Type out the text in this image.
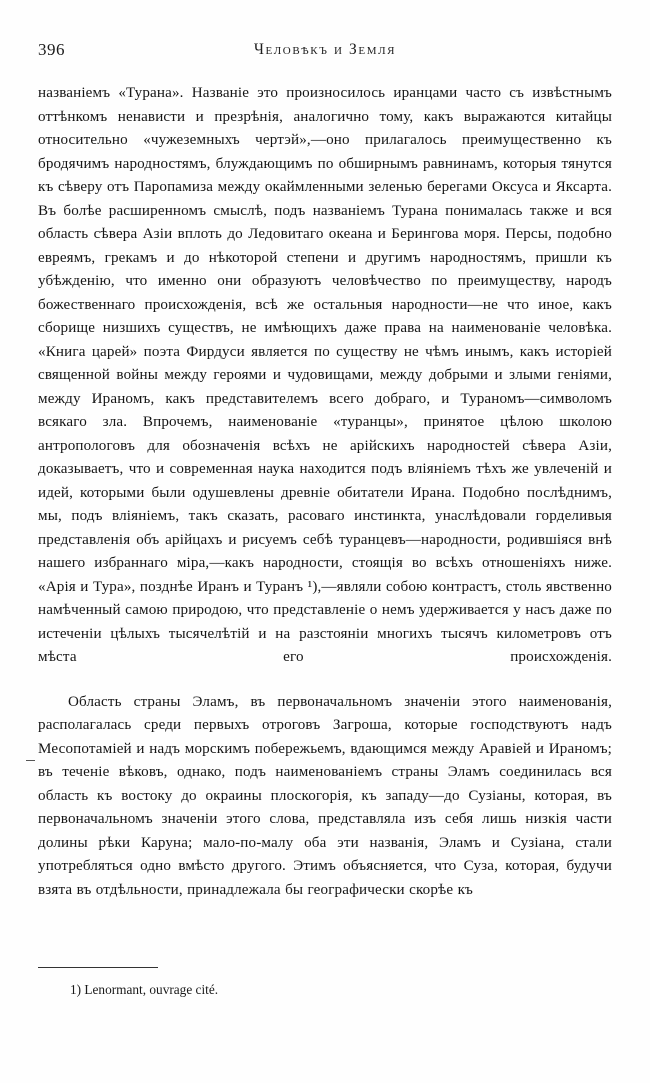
396	Человѣкъ и Земля

названіемъ «Турана». Названіе это произносилось иранцами часто съ извѣстнымъ оттѣнкомъ ненависти и презрѣнія, аналогично тому, какъ выражаются китайцы относительно «чужеземныхъ чертэй»,—оно прилагалось преимущественно къ бродячимъ народностямъ, блуждающимъ по обширнымъ равнинамъ, которыя тянутся къ сѣверу отъ Паропамиза между окаймленными зеленью берегами Оксуса и Яксарта. Въ болѣе расширенномъ смыслѣ, подъ названіемъ Турана понималась также и вся область сѣвера Азіи вплоть до Ледовитаго океана и Берингова моря. Персы, подобно евреямъ, грекамъ и до нѣкоторой степени и другимъ народностямъ, пришли къ убѣжденію, что именно они образуютъ человѣчество по преимуществу, народъ божественнаго происхожденія, всѣ же остальныя народности—не что иное, какъ сборище низшихъ существъ, не имѣющихъ даже права на наименованіе человѣка. «Книга царей» поэта Фирдуси является по существу не чѣмъ инымъ, какъ исторіей священной войны между героями и чудовищами, между добрыми и злыми геніями, между Ираномъ, какъ представителемъ всего добраго, и Тураномъ—символомъ всякаго зла. Впрочемъ, наименованіе «туранцы», принятое цѣлою школою антропологовъ для обозначенія всѣхъ не арійскихъ народностей сѣвера Азіи, доказываетъ, что и современная наука находится подъ вліяніемъ тѣхъ же увлеченій и идей, которыми были одушевлены древніе обитатели Ирана. Подобно послѣднимъ, мы, подъ вліяніемъ, такъ сказать, расоваго инстинкта, унаслѣдовали горделивыя представленія объ арійцахъ и рисуемъ себѣ туранцевъ—народности, родившіяся внѣ нашего избраннаго міра,—какъ народности, стоящія во всѣхъ отношеніяхъ ниже. «Арія и Тура», позднѣе Иранъ и Туранъ ¹),—являли собою контрастъ, столь явственно намѣченный самою природою, что представленіе о немъ удерживается у насъ даже по истеченіи цѣлыхъ тысячелѣтій и на разстояніи многихъ тысячъ километровъ отъ мѣста его происхожденія.

Область страны Эламъ, въ первоначальномъ значеніи этого наименованія, располагалась среди первыхъ отроговъ Загроша, которые господствуютъ надъ Месопотаміей и надъ морскимъ побережьемъ, вдающимся между Аравіей и Ираномъ; въ теченіе вѣковъ, однако, подъ наименованіемъ страны Эламъ соединилась вся область къ востоку до окраины плоскогорія, къ западу—до Сузіаны, которая, въ первоначальномъ значеніи этого слова, представляла изъ себя лишь низкія части долины рѣки Каруна; мало-по-малу оба эти названія, Эламъ и Сузіана, стали употребляться одно вмѣсто другого. Этимъ объясняется, что Суза, которая, будучи взята въ отдѣльности, принадлежала бы географически скорѣе къ

1) Lenormant, ouvrage cité.
